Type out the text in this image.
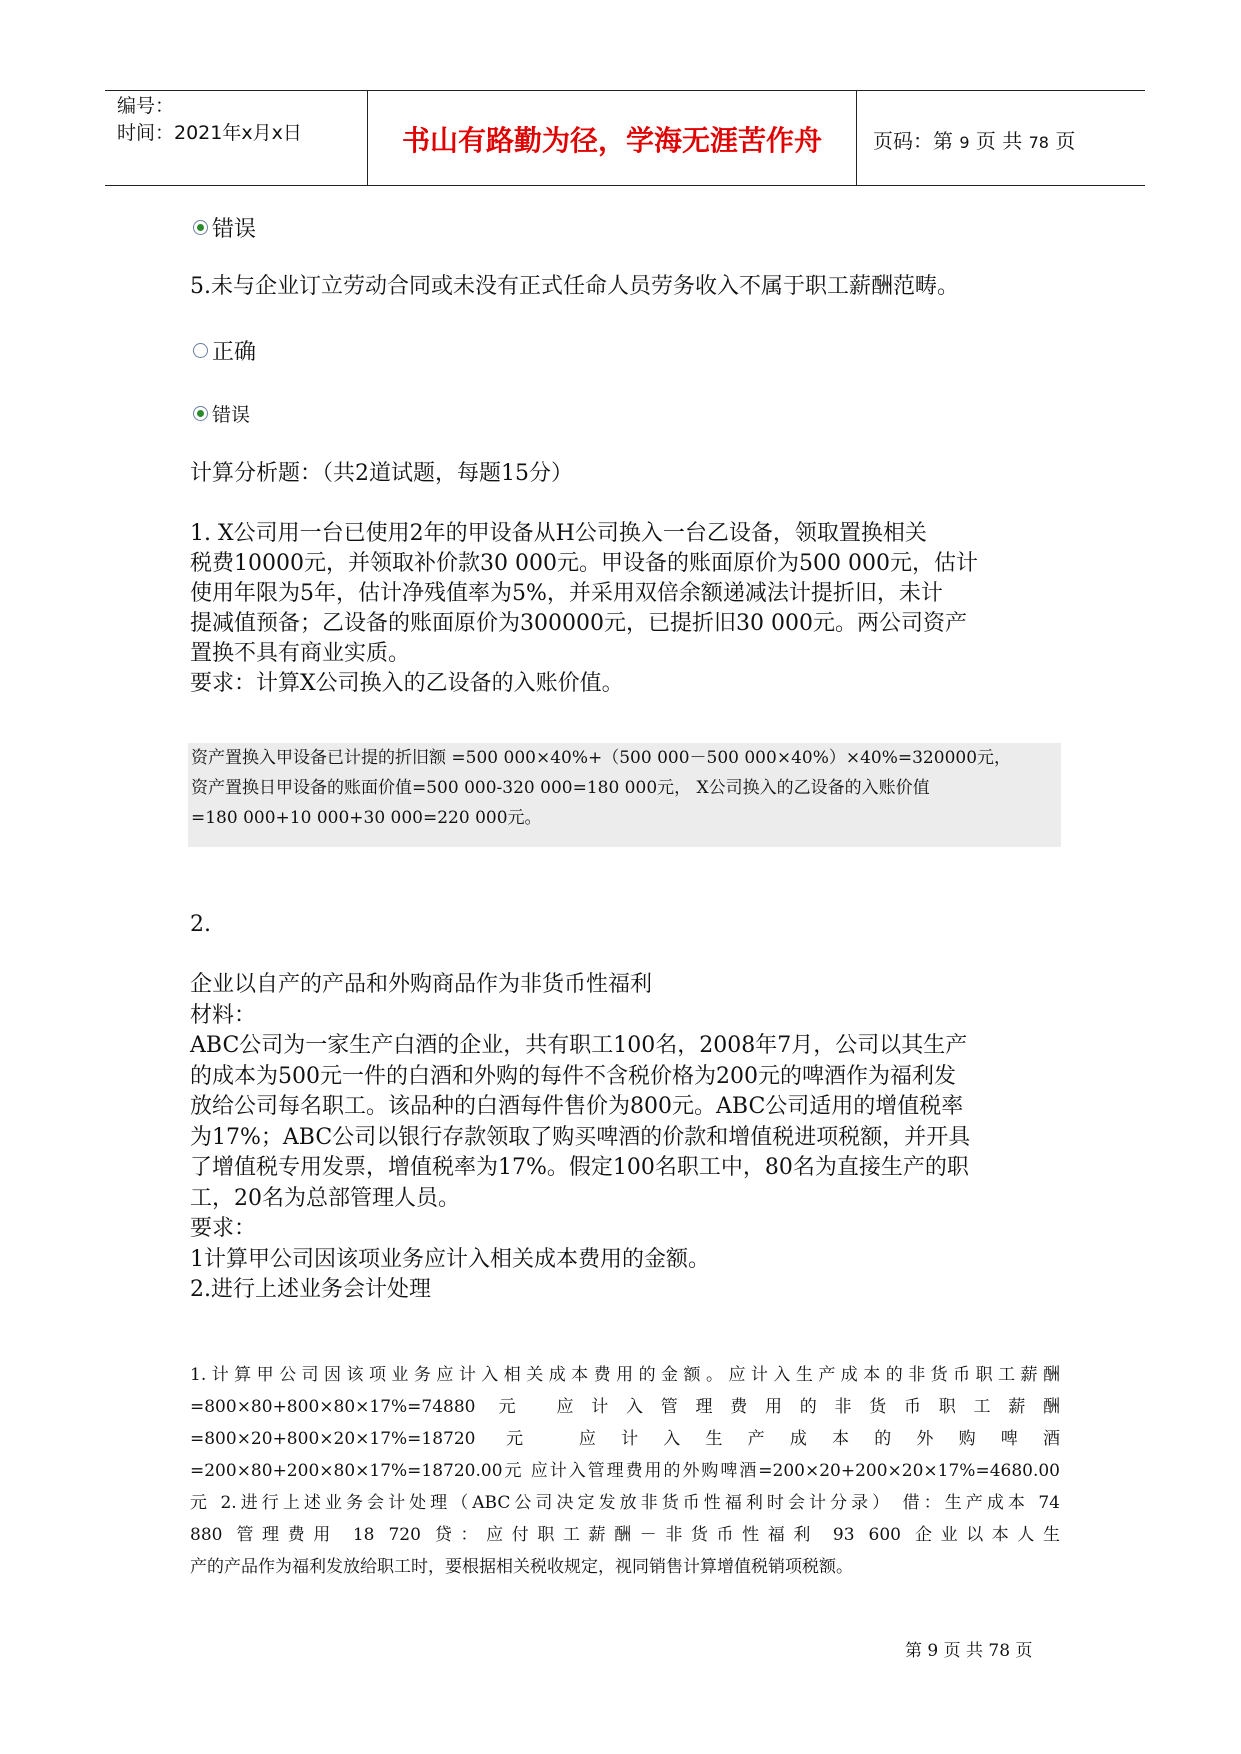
编号：
时间：2021年x月x日	书山有路勤为径，学海无涯苦作舟	页码：第 9 页 共 78 页
错误
5.未与企业订立劳动合同或未没有正式任命人员劳务收入不属于职工薪酬范畴。
正确
错误
计算分析题：（共2道试题，每题15分）
1. X公司用一台已使用2年的甲设备从H公司换入一台乙设备，领取置换相关
税费10000元，并领取补价款30 000元。甲设备的账面原价为500 000元，估计
使用年限为5年，估计净残值率为5%，并采用双倍余额递减法计提折旧，未计
提减值预备；乙设备的账面原价为300000元，已提折旧30 000元。两公司资产
置换不具有商业实质。
要求：计算X公司换入的乙设备的入账价值。
资产置换入甲设备已计提的折旧额 =500 000×40%+（500 000－500 000×40%）×40%=320000元，
资产置换日甲设备的账面价值=500 000-320 000=180 000元， X公司换入的乙设备的入账价值
=180 000+10 000+30 000=220 000元。
2.
企业以自产的产品和外购商品作为非货币性福利
材料：
ABC公司为一家生产白酒的企业，共有职工100名，2008年7月，公司以其生产
的成本为500元一件的白酒和外购的每件不含税价格为200元的啤酒作为福利发
放给公司每名职工。该品种的白酒每件售价为800元。ABC公司适用的增值税率
为17%；ABC公司以银行存款领取了购买啤酒的价款和增值税进项税额，并开具
了增值税专用发票，增值税率为17%。假定100名职工中，80名为直接生产的职
工，20名为总部管理人员。
要求：
1计算甲公司因该项业务应计入相关成本费用的金额。
2.进行上述业务会计处理
1.计算甲公司因该项业务应计入相关成本费用的金额。应计入生产成本的非货币职工薪酬
=800×80+800×80×17%=74880 元 应计入管理费用的非货币职工薪酬
=800×20+800×20×17%=18720 元 应计入生产成本的外购啤酒
=200×80+200×80×17%=18720.00元 应计入管理费用的外购啤酒=200×20+200×20×17%=4680.00
元 2.进行上述业务会计处理（ABC公司决定发放非货币性福利时会计分录） 借：生产成本 74
880 管理费用 18 720 贷：应付职工薪酬－非货币性福利 93 600 企业以本人生
产的产品作为福利发放给职工时，要根据相关税收规定，视同销售计算增值税销项税额。
第 9 页 共 78 页
